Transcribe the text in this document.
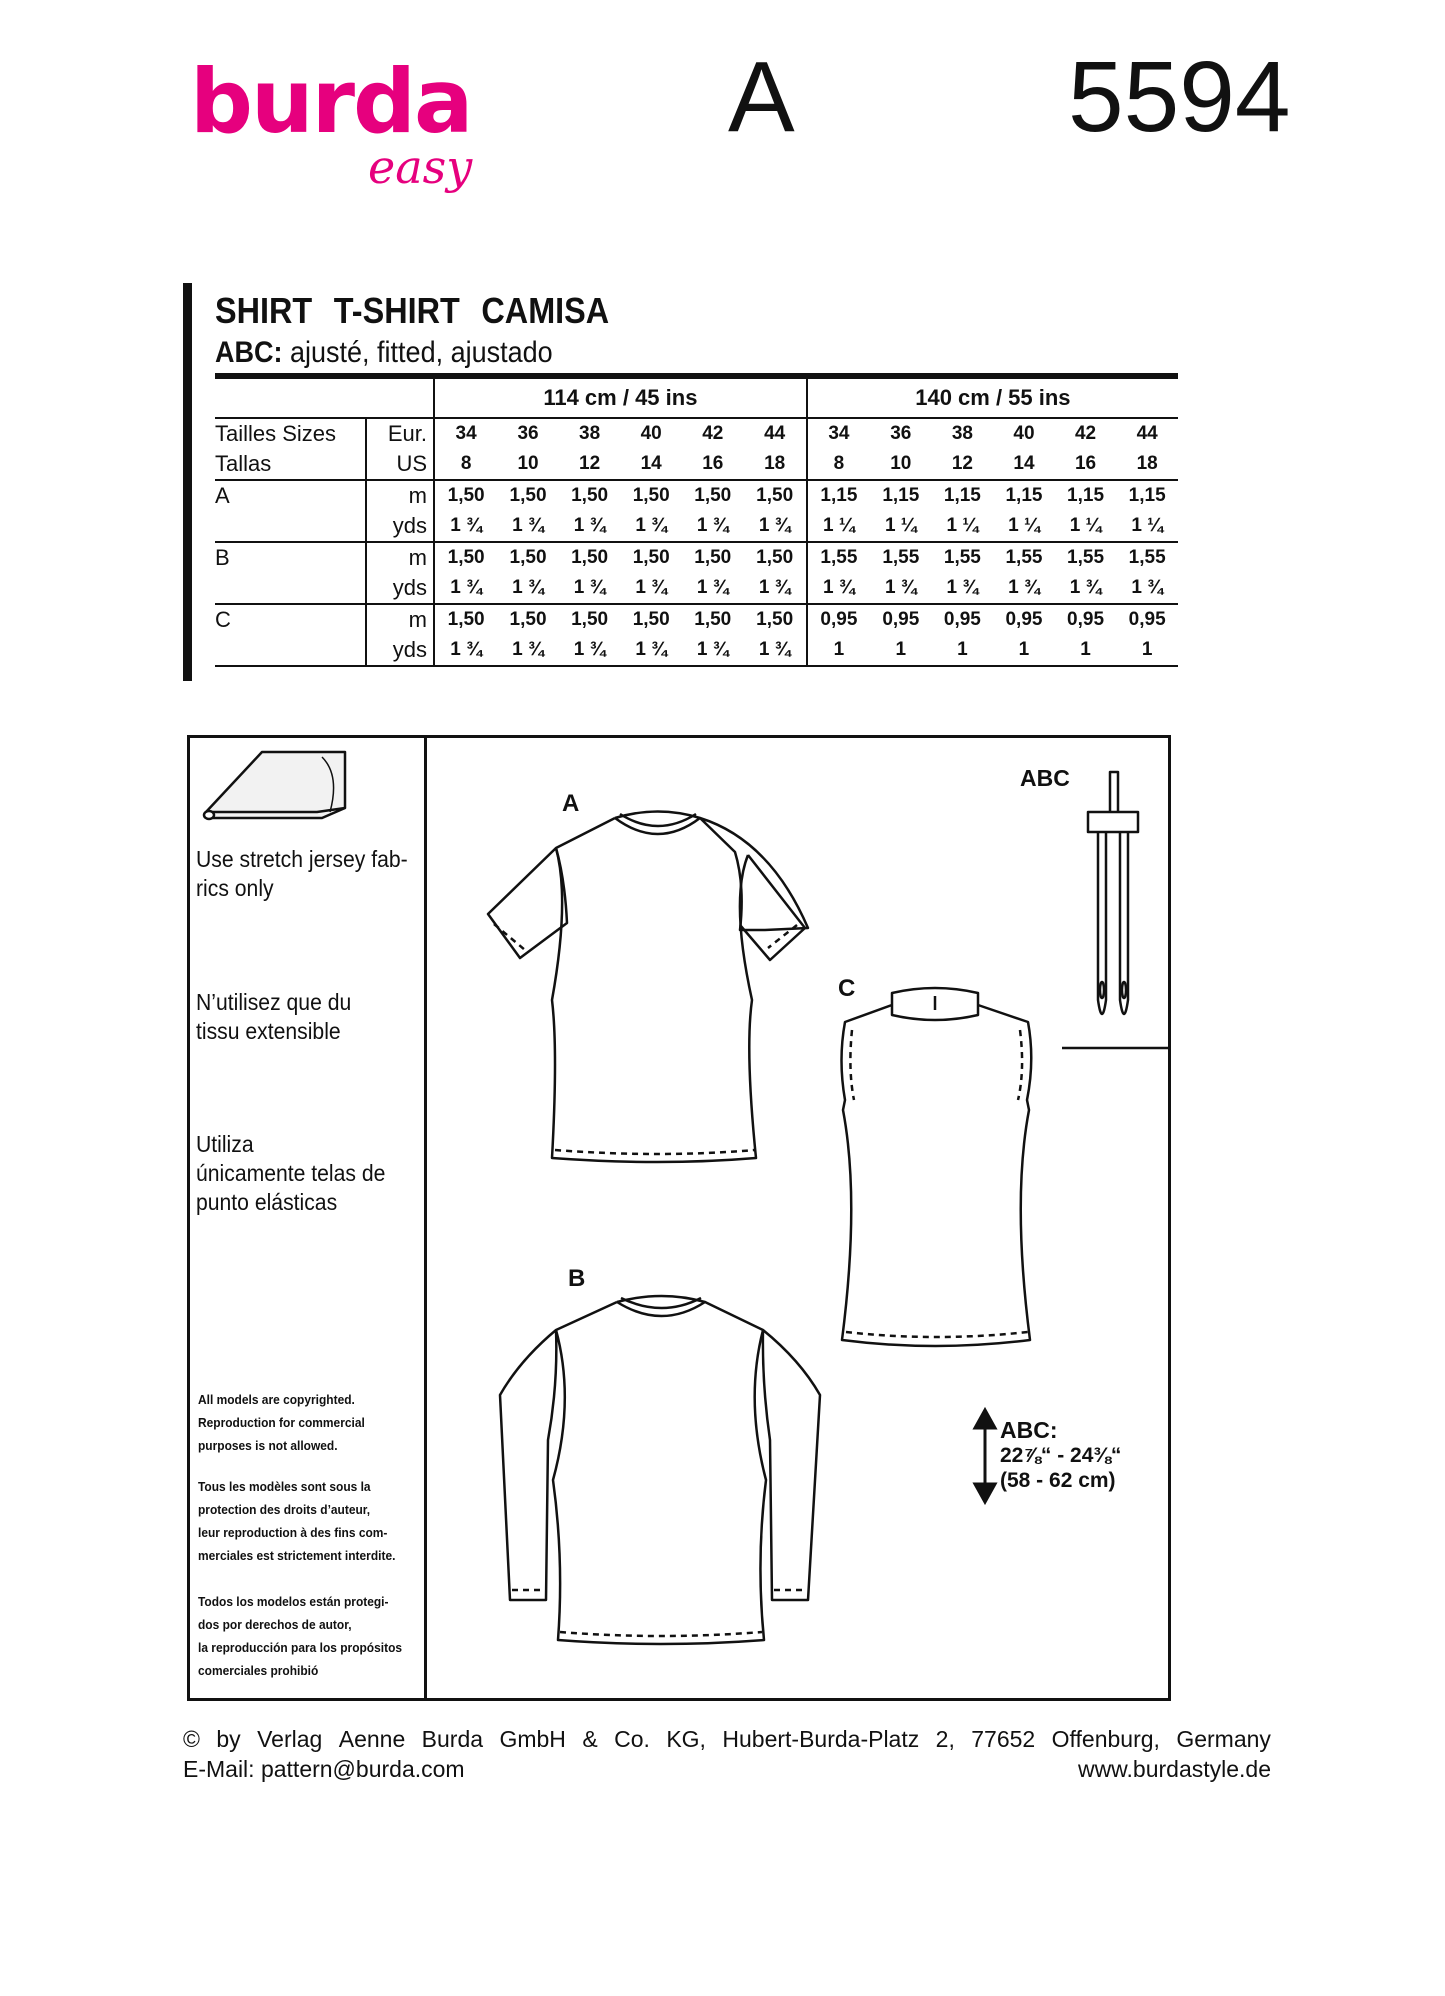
burda
easy
A	5594
SHIRT T-SHIRT CAMISA
ABC: ajusté, fitted, ajustado
		114 cm / 45 ins						140 cm / 55 ins					
Tailles Sizes	Eur.	34	36	38	40	42	44	34	36	38	40	42	44
Tallas	US	8	10	12	14	16	18	8	10	12	14	16	18
A	m	1,50	1,50	1,50	1,50	1,50	1,50	1,15	1,15	1,15	1,15	1,15	1,15
	yds	1 ¾	1 ¾	1 ¾	1 ¾	1 ¾	1 ¾	1 ¼	1 ¼	1 ¼	1 ¼	1 ¼	1 ¼
B	m	1,50	1,50	1,50	1,50	1,50	1,50	1,55	1,55	1,55	1,55	1,55	1,55
	yds	1 ¾	1 ¾	1 ¾	1 ¾	1 ¾	1 ¾	1 ¾	1 ¾	1 ¾	1 ¾	1 ¾	1 ¾
C	m	1,50	1,50	1,50	1,50	1,50	1,50	0,95	0,95	0,95	0,95	0,95	0,95
	yds	1 ¾	1 ¾	1 ¾	1 ¾	1 ¾	1 ¾	1	1	1	1	1	1
Use stretch jersey fab-
rics only
N’utilisez que du
tissu extensible
Utiliza
únicamente telas de
punto elásticas
All models are copyrighted.
Reproduction for commercial
purposes is not allowed.
Tous les modèles sont sous la
protection des droits d’auteur,
leur reproduction à des fins com-
merciales est strictement interdite.
Todos los modelos están protegi-
dos por derechos de autor,
la reproducción para los propósitos
comerciales prohibió
A
B
C
ABC
ABC:
22⅞“ - 24⅜“
(58 - 62 cm)
© by Verlag Aenne Burda GmbH & Co. KG, Hubert-Burda-Platz 2, 77652 Offenburg, Germany
E-Mail: pattern@burda.com	www.burdastyle.de
